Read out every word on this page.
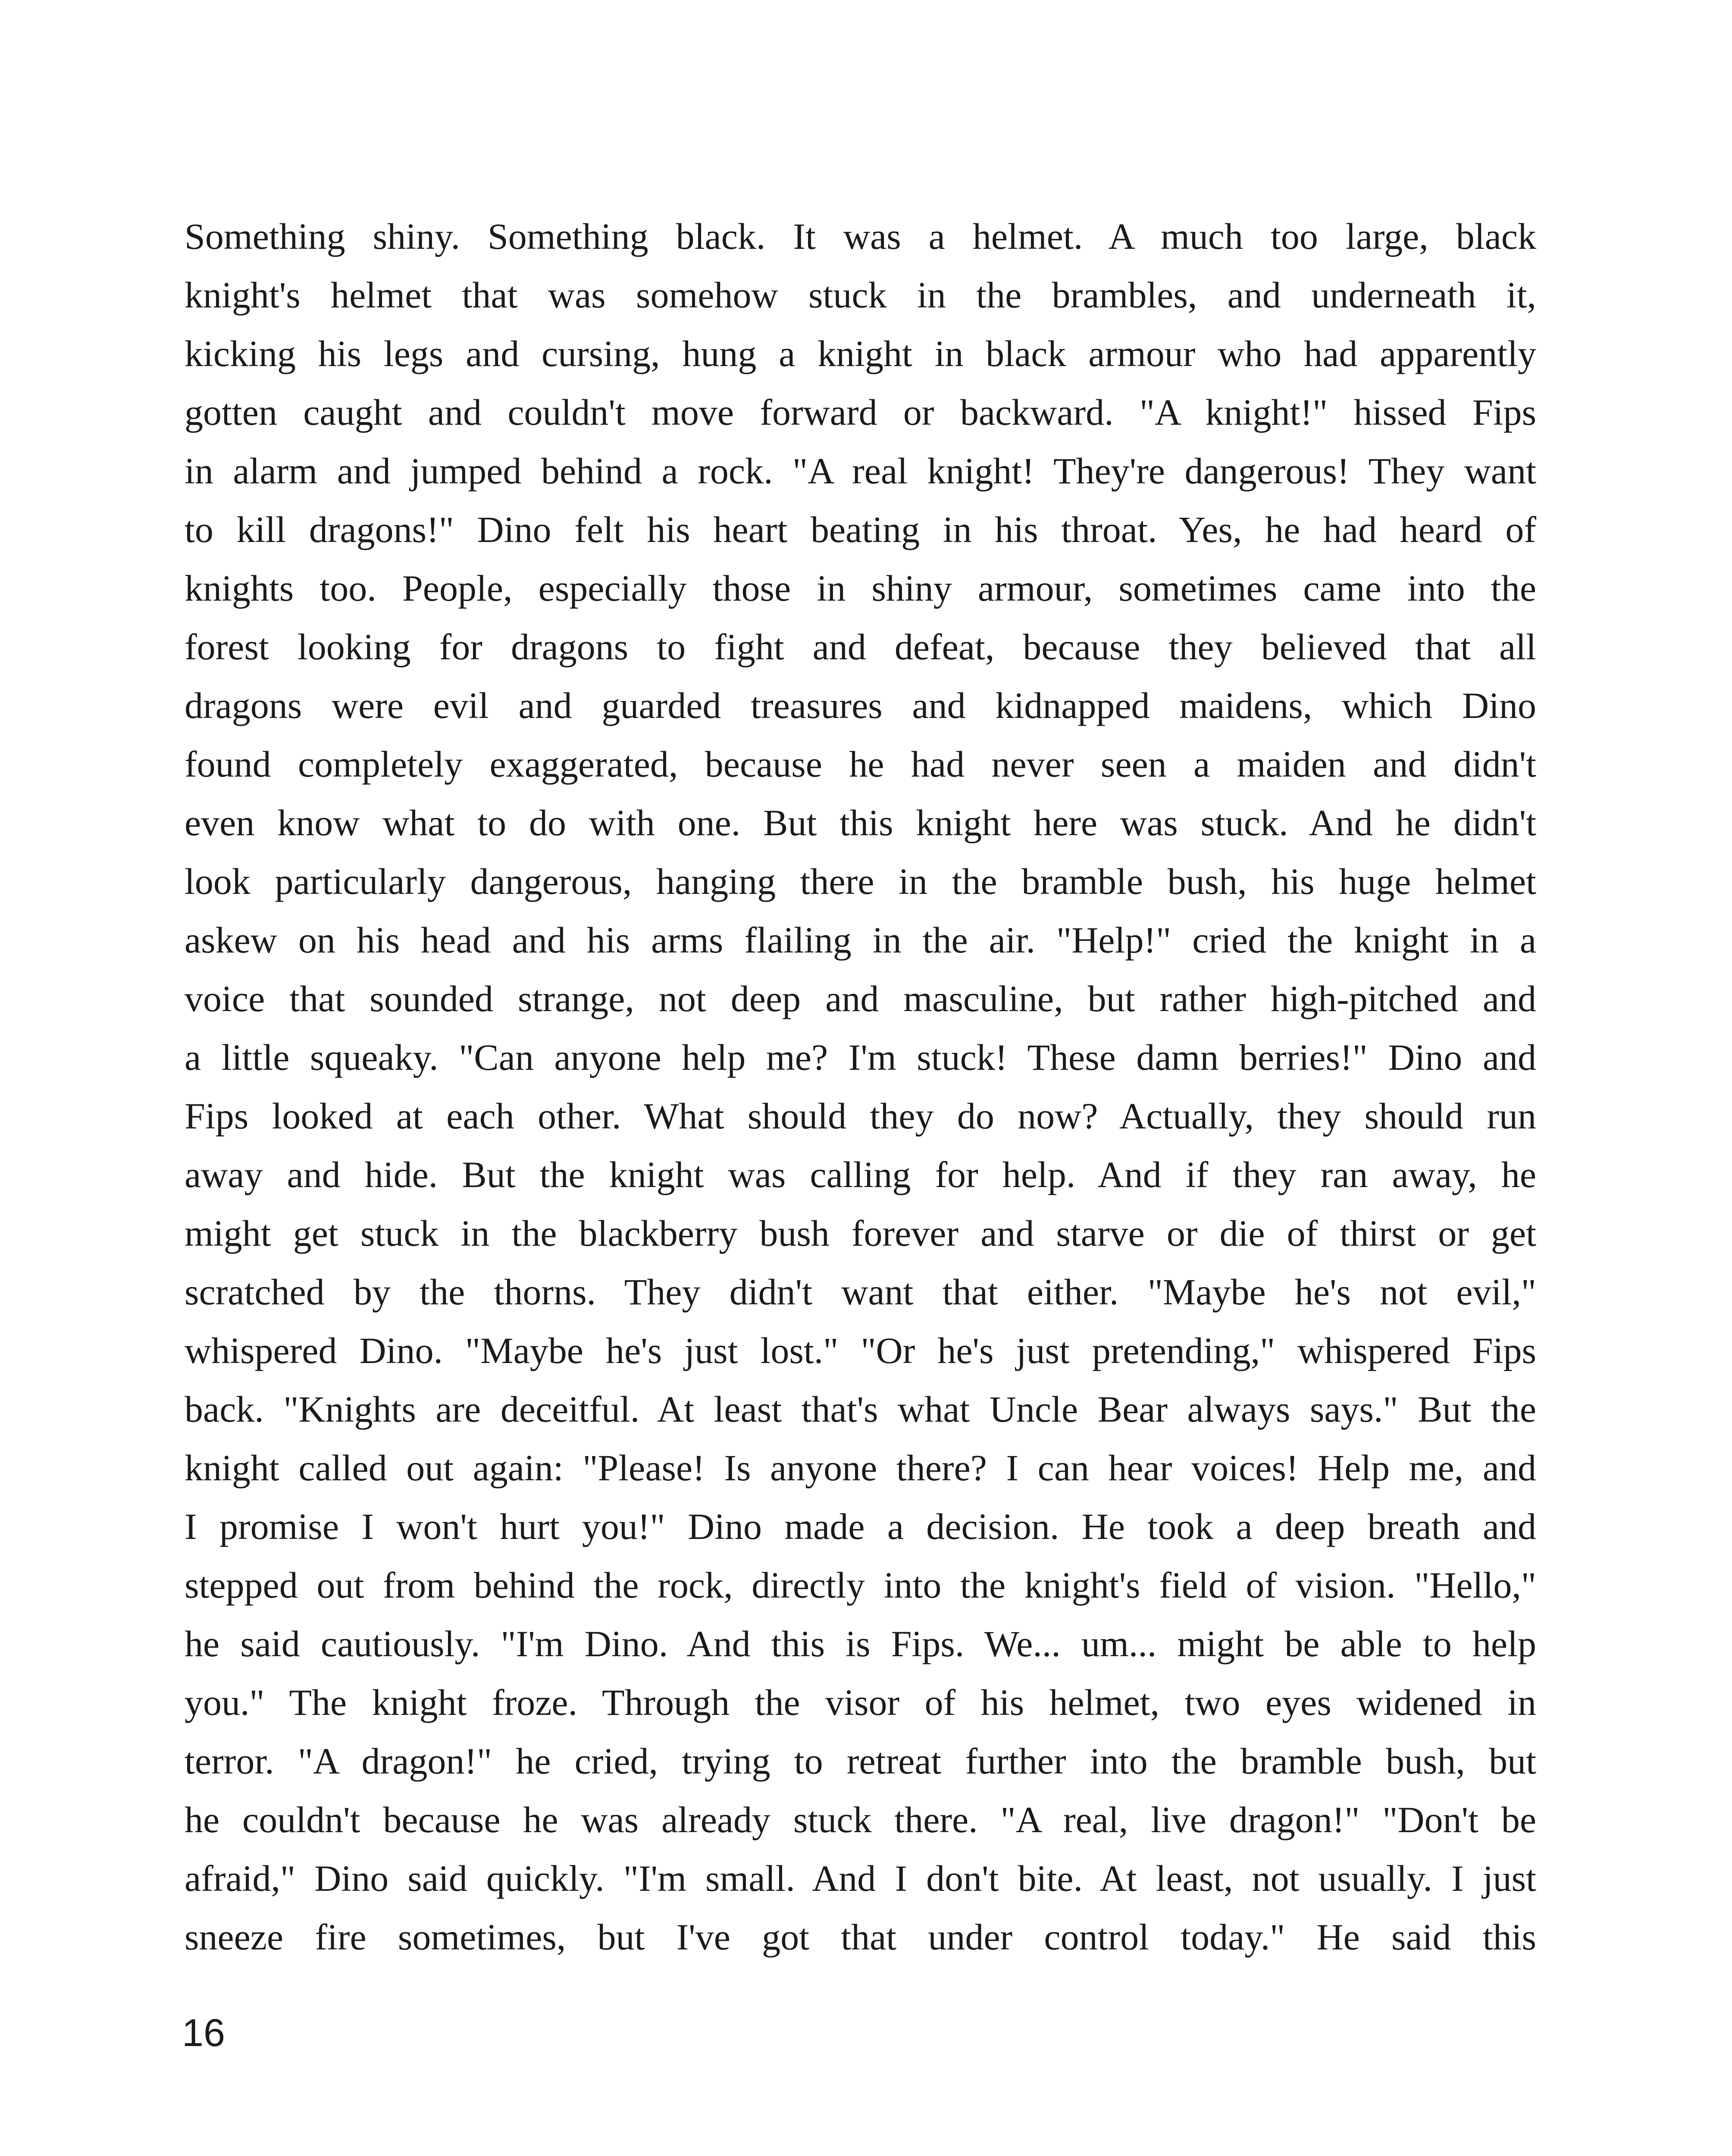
Something shiny. Something black. It was a helmet. A much too large, black
knight's helmet that was somehow stuck in the brambles, and underneath it,
kicking his legs and cursing, hung a knight in black armour who had apparently
gotten caught and couldn't move forward or backward. "A knight!" hissed Fips
in alarm and jumped behind a rock. "A real knight! They're dangerous! They want
to kill dragons!" Dino felt his heart beating in his throat. Yes, he had heard of
knights too. People, especially those in shiny armour, sometimes came into the
forest looking for dragons to fight and defeat, because they believed that all
dragons were evil and guarded treasures and kidnapped maidens, which Dino
found completely exaggerated, because he had never seen a maiden and didn't
even know what to do with one. But this knight here was stuck. And he didn't
look particularly dangerous, hanging there in the bramble bush, his huge helmet
askew on his head and his arms flailing in the air. "Help!" cried the knight in a
voice that sounded strange, not deep and masculine, but rather high-pitched and
a little squeaky. "Can anyone help me? I'm stuck! These damn berries!" Dino and
Fips looked at each other. What should they do now? Actually, they should run
away and hide. But the knight was calling for help. And if they ran away, he
might get stuck in the blackberry bush forever and starve or die of thirst or get
scratched by the thorns. They didn't want that either. "Maybe he's not evil,"
whispered Dino. "Maybe he's just lost." "Or he's just pretending," whispered Fips
back. "Knights are deceitful. At least that's what Uncle Bear always says." But the
knight called out again: "Please! Is anyone there? I can hear voices! Help me, and
I promise I won't hurt you!" Dino made a decision. He took a deep breath and
stepped out from behind the rock, directly into the knight's field of vision. "Hello,"
he said cautiously. "I'm Dino. And this is Fips. We... um... might be able to help
you." The knight froze. Through the visor of his helmet, two eyes widened in
terror. "A dragon!" he cried, trying to retreat further into the bramble bush, but
he couldn't because he was already stuck there. "A real, live dragon!" "Don't be
afraid," Dino said quickly. "I'm small. And I don't bite. At least, not usually. I just
sneeze fire sometimes, but I've got that under control today." He said this
16
